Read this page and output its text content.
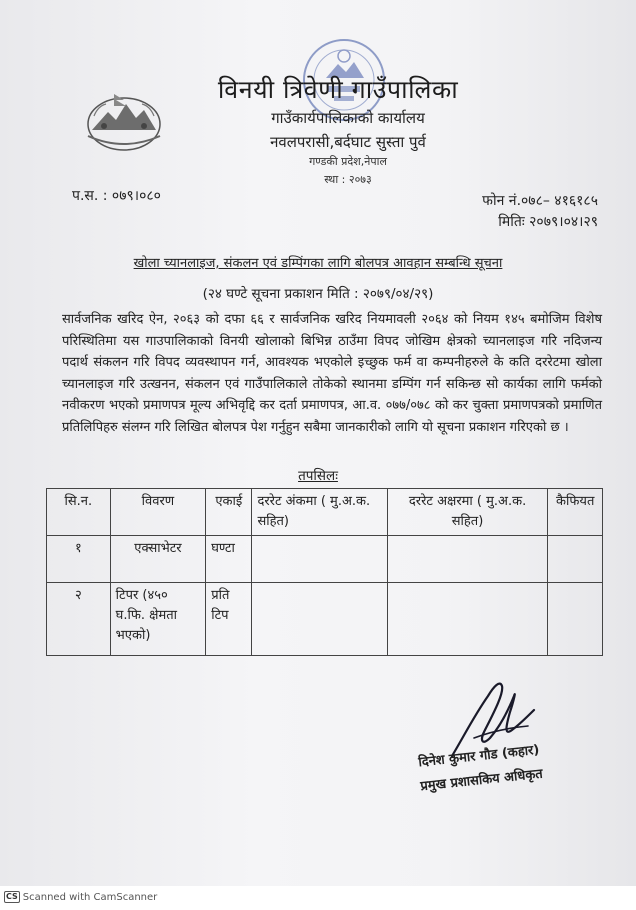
विनयी त्रिवेणी गाउँपालिका
गाउँकार्यपालिकाको कार्यालय
नवलपरासी,बर्दघाट सुस्ता पुर्व
गण्डकी प्रदेश,नेपाल
स्था : २०७३
प.स. : ०७९।०८०	फोन नं.०७८– ४१६१८५
मितिः २०७९।०४।२९
खोला च्यानलाइज, संकलन एवं डम्पिंगका लागि बोलपत्र आवहान सम्बन्धि सूचना
(२४ घण्टे सूचना प्रकाशन मिति : २०७९/०४/२९)
सार्वजनिक खरिद ऐन, २०६३ को दफा ६६ र सार्वजनिक खरिद नियमावली २०६४ को नियम १४५ बमोजिम विशेष परिस्थितिमा यस गाउपालिकाको विनयी खोलाको बिभिन्न ठाउँमा विपद जोखिम क्षेत्रको च्यानलाइज गरि नदिजन्य पदार्थ संकलन गरि विपद व्यवस्थापन गर्न, आवश्यक भएकोले इच्छुक फर्म वा कम्पनीहरुले के कति दररेटमा खोला च्यानलाइज गरि उत्खनन, संकलन एवं गाउँपालिकाले तोकेको स्थानमा डम्पिंग गर्न सकिन्छ सो कार्यका लागि फर्मको नवीकरण भएको प्रमाणपत्र मूल्य अभिवृद्दि कर दर्ता प्रमाणपत्र, आ.व. ०७७/०७८ को कर चुक्ता प्रमाणपत्रको प्रमाणित प्रतिलिपिहरु संलग्न गरि लिखित बोलपत्र पेश गर्नुहुन सबैमा जानकारीको लागि यो सूचना प्रकाशन गरिएको छ ।
तपसिलः
सि.न.	विवरण	एकाई	दररेट अंकमा ( मु.अ.क. सहित)	दररेट अक्षरमा ( मु.अ.क. सहित)	कैफियत
१	एक्साभेटर	घण्टा			
२	टिपर (४५० घ.फि. क्षेमता भएको)	प्रति टिप			
दिनेश कुमार गौड (कहार)
प्रमुख प्रशासकिय अधिकृत
CS Scanned with CamScanner
